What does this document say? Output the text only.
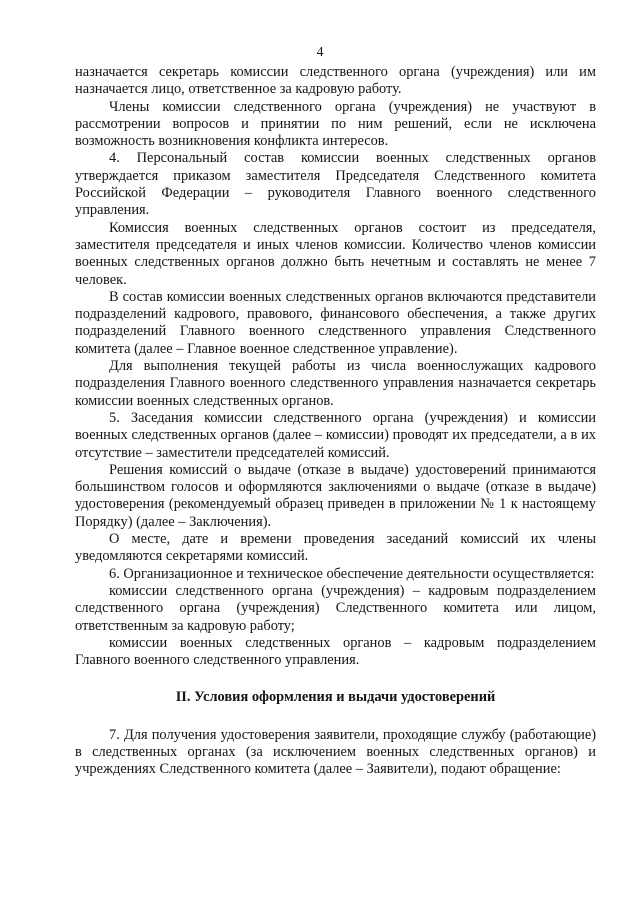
4

назначается секретарь комиссии следственного органа (учреждения) или им назначается лицо, ответственное за кадровую работу.

Члены комиссии следственного органа (учреждения) не участвуют в рассмотрении вопросов и принятии по ним решений, если не исключена возможность возникновения конфликта интересов.

4. Персональный состав комиссии военных следственных органов утверждается приказом заместителя Председателя Следственного комитета Российской Федерации – руководителя Главного военного следственного управления.

Комиссия военных следственных органов состоит из председателя, заместителя председателя и иных членов комиссии. Количество членов комиссии военных следственных органов должно быть нечетным и составлять не менее 7 человек.

В состав комиссии военных следственных органов включаются представители подразделений кадрового, правового, финансового обеспечения, а также других подразделений Главного военного следственного управления Следственного комитета (далее – Главное военное следственное управление).

Для выполнения текущей работы из числа военнослужащих кадрового подразделения Главного военного следственного управления назначается секретарь комиссии военных следственных органов.

5. Заседания комиссии следственного органа (учреждения) и комиссии военных следственных органов (далее – комиссии) проводят их председатели, а в их отсутствие – заместители председателей комиссий.

Решения комиссий о выдаче (отказе в выдаче) удостоверений принимаются большинством голосов и оформляются заключениями о выдаче (отказе в выдаче) удостоверения (рекомендуемый образец приведен в приложении № 1 к настоящему Порядку) (далее – Заключения).

О месте, дате и времени проведения заседаний комиссий их члены уведомляются секретарями комиссий.

6. Организационное и техническое обеспечение деятельности осуществляется:

комиссии следственного органа (учреждения) – кадровым подразделением следственного органа (учреждения) Следственного комитета или лицом, ответственным за кадровую работу;

комиссии военных следственных органов – кадровым подразделением Главного военного следственного управления.

II. Условия оформления и выдачи удостоверений

7. Для получения удостоверения заявители, проходящие службу (работающие) в следственных органах (за исключением военных следственных органов) и учреждениях Следственного комитета (далее – Заявители), подают обращение:
